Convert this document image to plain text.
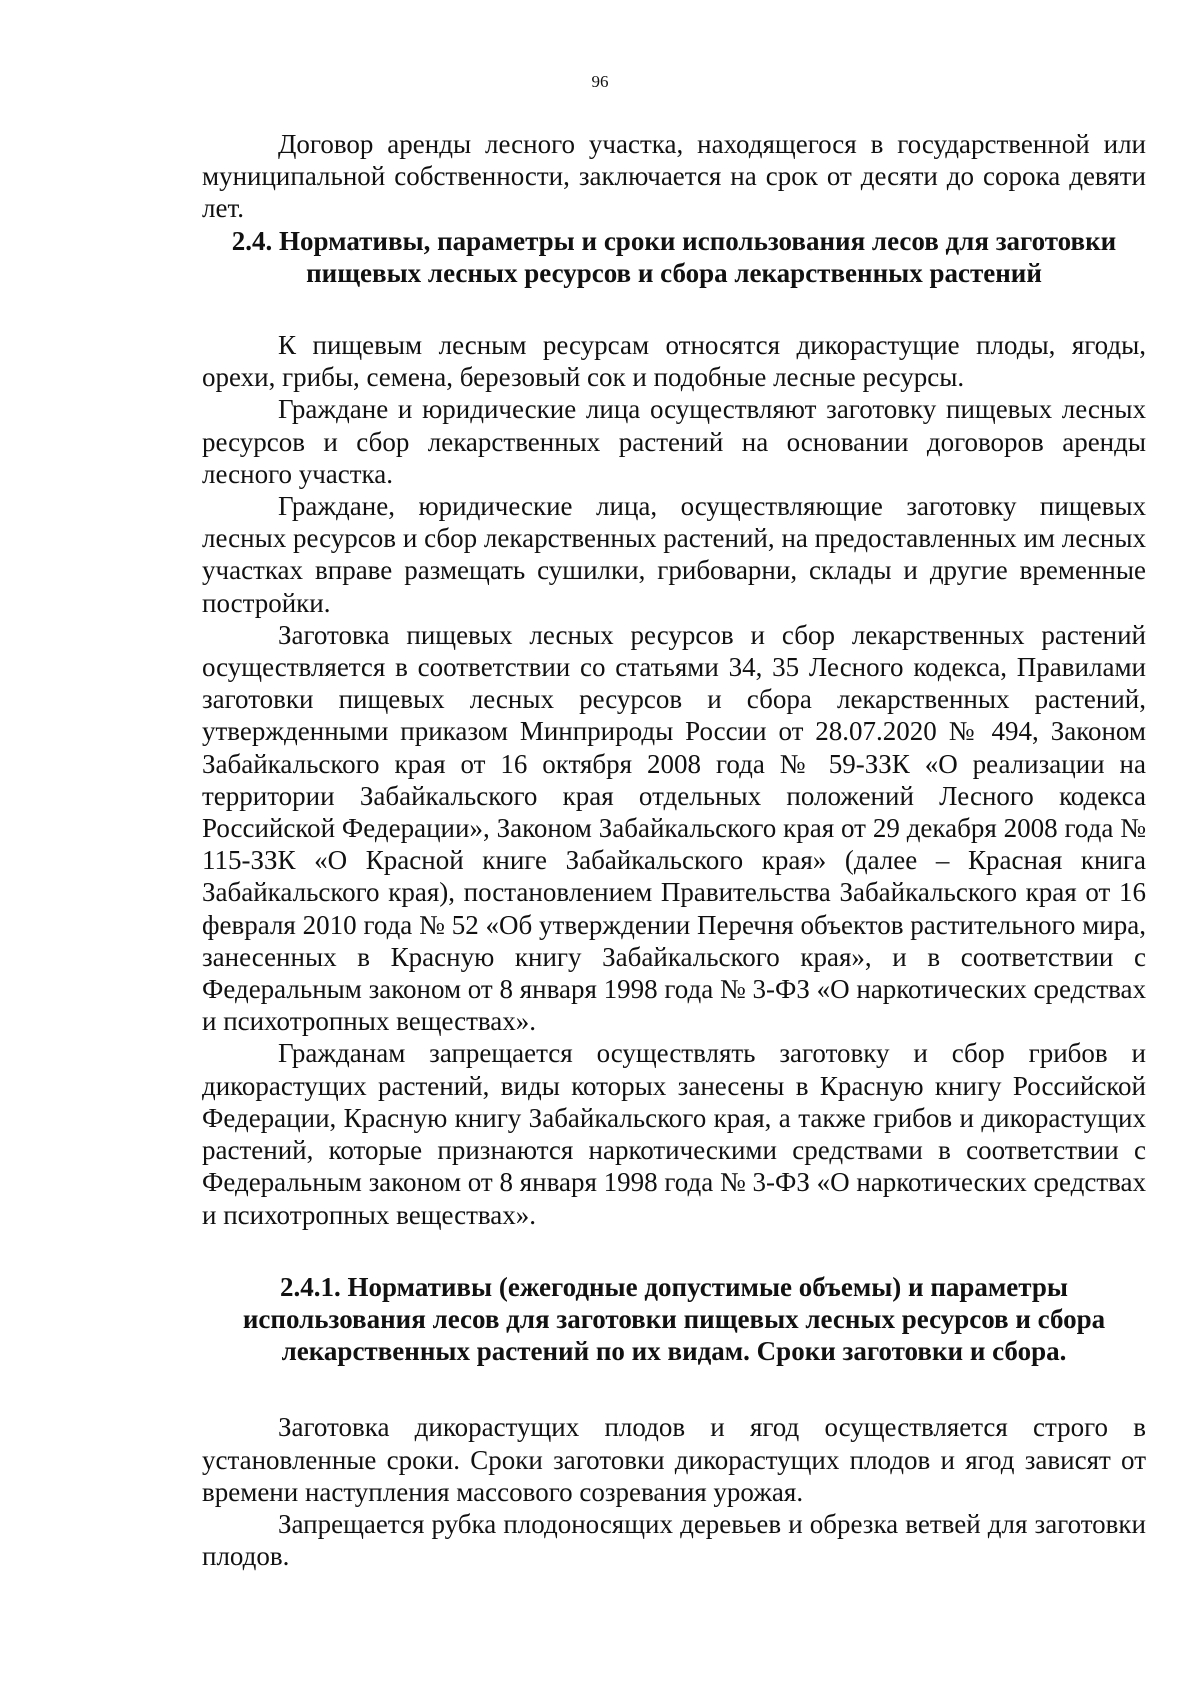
96

Договор аренды лесного участка, находящегося в государственной или муниципальной собственности, заключается на срок от десяти до сорока девяти лет.

2.4. Нормативы, параметры и сроки использования лесов для заготовки пищевых лесных ресурсов и сбора лекарственных растений

К пищевым лесным ресурсам относятся дикорастущие плоды, ягоды, орехи, грибы, семена, березовый сок и подобные лесные ресурсы.

Граждане и юридические лица осуществляют заготовку пищевых лесных ресурсов и сбор лекарственных растений на основании договоров аренды лесного участка.

Граждане, юридические лица, осуществляющие заготовку пищевых лесных ресурсов и сбор лекарственных растений, на предоставленных им лесных участках вправе размещать сушилки, грибоварни, склады и другие временные постройки.

Заготовка пищевых лесных ресурсов и сбор лекарственных растений осуществляется в соответствии со статьями 34, 35 Лесного кодекса, Правилами заготовки пищевых лесных ресурсов и сбора лекарственных растений, утвержденными приказом Минприроды России от 28.07.2020 № 494, Законом Забайкальского края от 16 октября 2008 года № 59-ЗЗК «О реализации на территории Забайкальского края отдельных положений Лесного кодекса Российской Федерации», Законом Забайкальского края от 29 декабря 2008 года № 115-ЗЗК «О Красной книге Забайкальского края» (далее – Красная книга Забайкальского края), постановлением Правительства Забайкальского края от 16 февраля 2010 года № 52 «Об утверждении Перечня объектов растительного мира, занесенных в Красную книгу Забайкальского края», и в соответствии с Федеральным законом от 8 января 1998 года № 3-ФЗ «О наркотических средствах и психотропных веществах».

Гражданам запрещается осуществлять заготовку и сбор грибов и дикорастущих растений, виды которых занесены в Красную книгу Российской Федерации, Красную книгу Забайкальского края, а также грибов и дикорастущих растений, которые признаются наркотическими средствами в соответствии с Федеральным законом от 8 января 1998 года № 3-ФЗ «О наркотических средствах и психотропных веществах».

2.4.1. Нормативы (ежегодные допустимые объемы) и параметры использования лесов для заготовки пищевых лесных ресурсов и сбора лекарственных растений по их видам. Сроки заготовки и сбора.

Заготовка дикорастущих плодов и ягод осуществляется строго в установленные сроки. Сроки заготовки дикорастущих плодов и ягод зависят от времени наступления массового созревания урожая.

Запрещается рубка плодоносящих деревьев и обрезка ветвей для заготовки плодов.
